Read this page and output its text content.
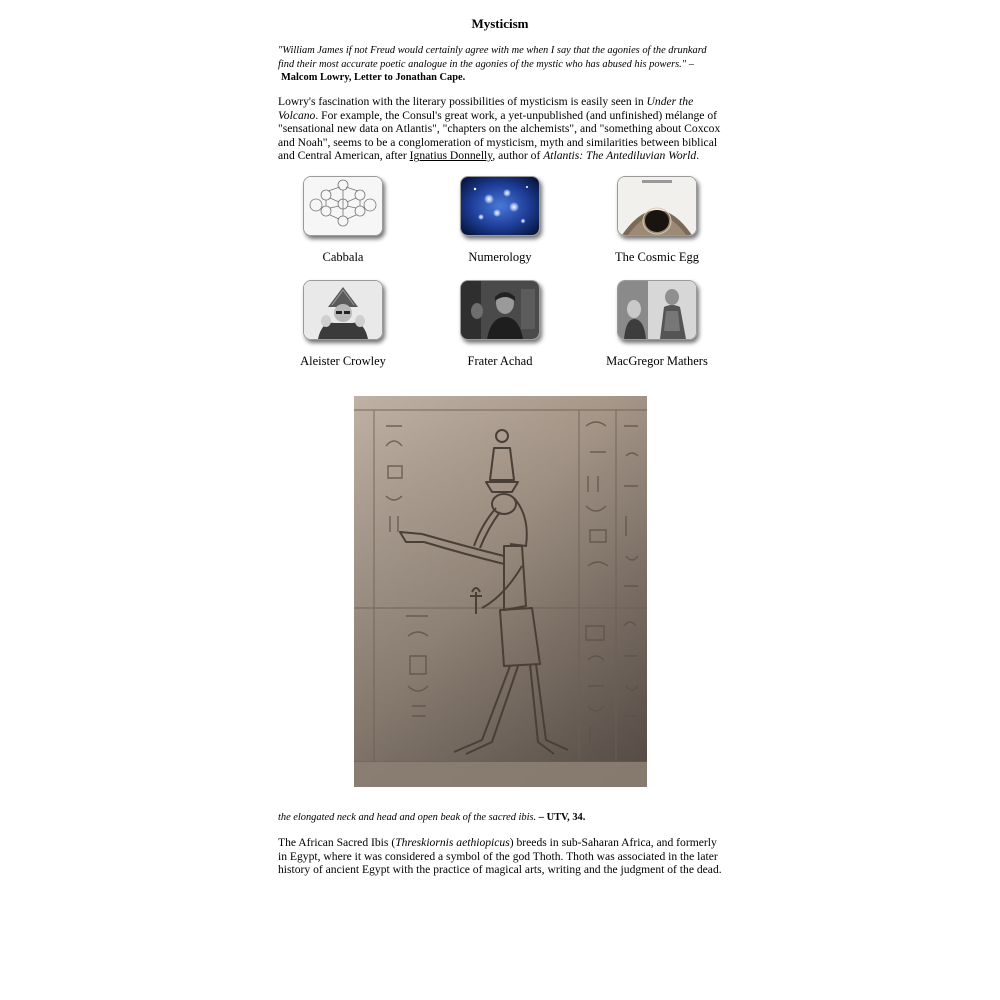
Mysticism
"William James if not Freud would certainly agree with me when I say that the agonies of the drunkard find their most accurate poetic analogue in the agonies of the mystic who has abused his powers." –
Malcom Lowry, Letter to Jonathan Cape.

Lowry's fascination with the literary possibilities of mysticism is easily seen in Under the Volcano. For example, the Consul's great work, a yet-unpublished (and unfinished) mélange of "sensational new data on Atlantis", "chapters on the alchemists", and "something about Coxcox and Noah", seems to be a conglomeration of mysticism, myth and similarities between biblical and Central American, after Ignatius Donnelly, author of Atlantis: The Antediluvian World.

Cabbala	Numerology	The Cosmic Egg
Aleister Crowley	Frater Achad	MacGregor Mathers
the elongated neck and head and open beak of the sacred ibis. – UTV, 34.

The African Sacred Ibis (Threskiornis aethiopicus) breeds in sub-Saharan Africa, and formerly in Egypt, where it was considered a symbol of the god Thoth. Thoth was associated in the later history of ancient Egypt with the practice of magical arts, writing and the judgment of the dead.
